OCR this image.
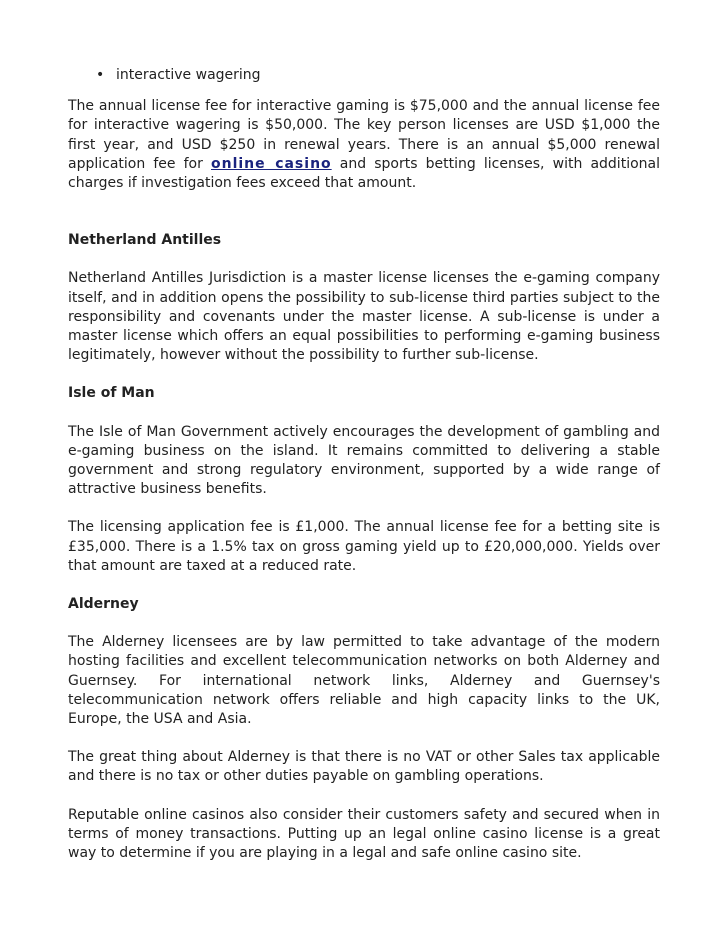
• interactive wagering

The annual license fee for interactive gaming is $75,000 and the annual license fee for interactive wagering is $50,000. The key person licenses are USD $1,000 the first year, and USD $250 in renewal years. There is an annual $5,000 renewal application fee for online casino and sports betting licenses, with additional charges if investigation fees exceed that amount.

Netherland Antilles

Netherland Antilles Jurisdiction is a master license licenses the e-gaming company itself, and in addition opens the possibility to sub-license third parties subject to the responsibility and covenants under the master license. A sub-license is under a master license which offers an equal possibilities to performing e-gaming business legitimately, however without the possibility to further sub-license.

Isle of Man

The Isle of Man Government actively encourages the development of gambling and e-gaming business on the island. It remains committed to delivering a stable government and strong regulatory environment, supported by a wide range of attractive business benefits.

The licensing application fee is £1,000. The annual license fee for a betting site is £35,000. There is a 1.5% tax on gross gaming yield up to £20,000,000. Yields over that amount are taxed at a reduced rate.

Alderney

The Alderney licensees are by law permitted to take advantage of the modern hosting facilities and excellent telecommunication networks on both Alderney and Guernsey. For international network links, Alderney and Guernsey's telecommunication network offers reliable and high capacity links to the UK, Europe, the USA and Asia.

The great thing about Alderney is that there is no VAT or other Sales tax applicable and there is no tax or other duties payable on gambling operations.

Reputable online casinos also consider their customers safety and secured when in terms of money transactions. Putting up an legal online casino license is a great way to determine if you are playing in a legal and safe online casino site.
